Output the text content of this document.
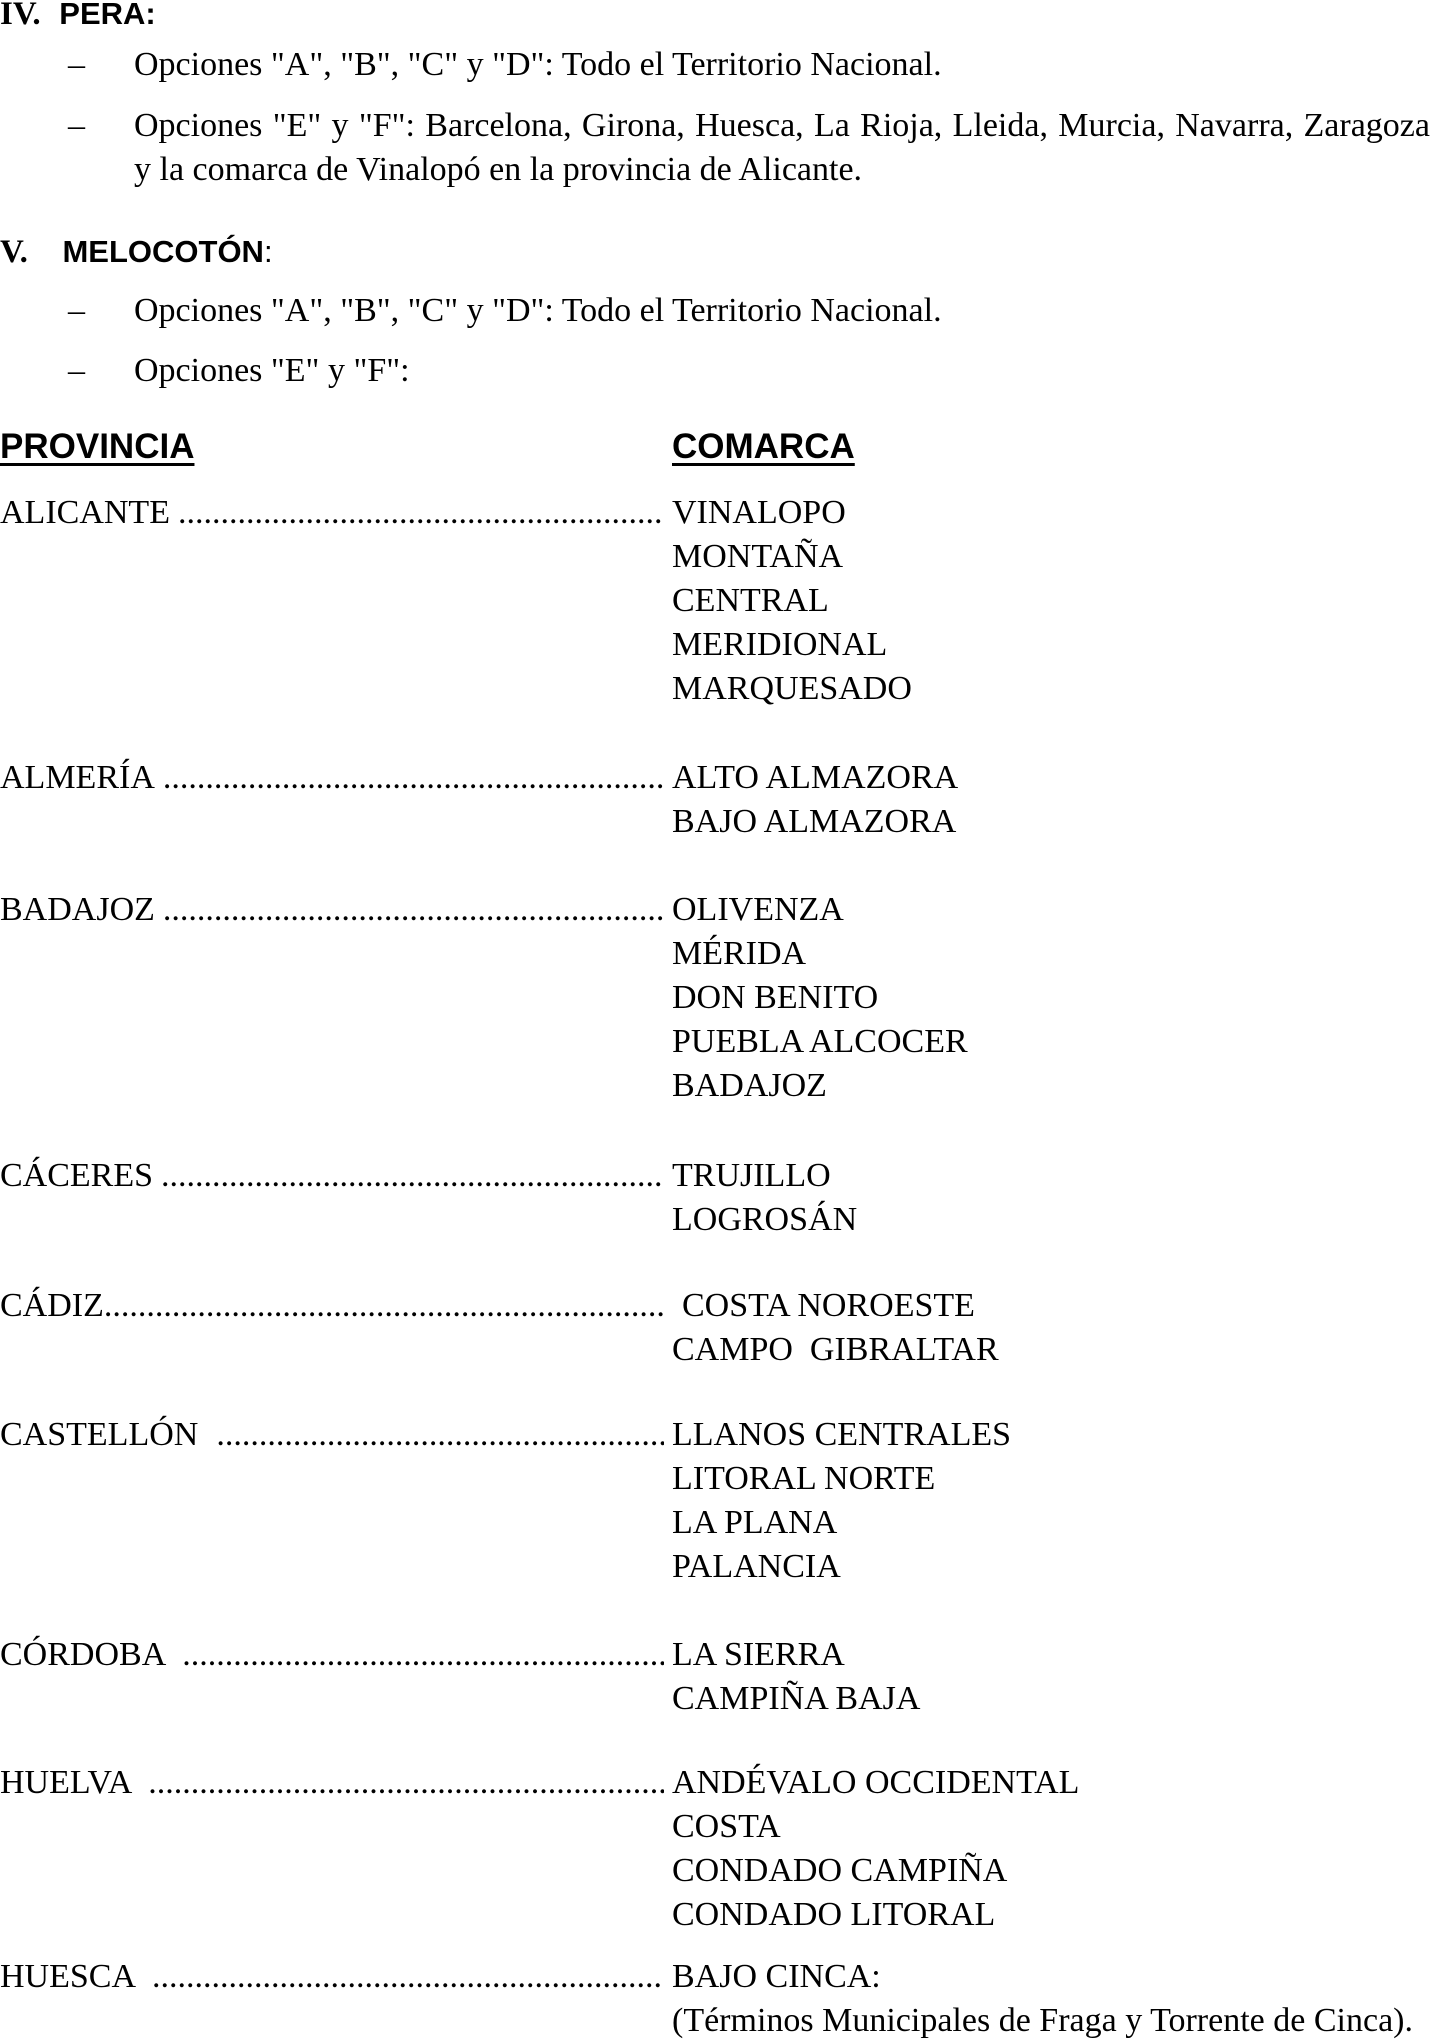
IV. PERA:
– Opciones "A", "B", "C" y "D": Todo el Territorio Nacional.
– Opciones "E" y "F": Barcelona, Girona, Huesca, La Rioja, Lleida, Murcia, Navarra, Zaragoza y la comarca de Vinalopó en la provincia de Alicante.
V. MELOCOTÓN:
– Opciones "A", "B", "C" y "D": Todo el Territorio Nacional.
– Opciones "E" y "F":
PROVINCIA	COMARCA
ALICANTE .....	VINALOPO
MONTAÑA
CENTRAL
MERIDIONAL
MARQUESADO
ALMERÍA .....	ALTO ALMAZORA
BAJO ALMAZORA
BADAJOZ .....	OLIVENZA
MÉRIDA
DON BENITO
PUEBLA ALCOCER
BADAJOZ
CÁCERES .....	TRUJILLO
LOGROSÁN
CÁDIZ .....	COSTA NOROESTE
CAMPO  GIBRALTAR
CASTELLÓN .....	LLANOS CENTRALES
LITORAL NORTE
LA PLANA
PALANCIA
CÓRDOBA .....	LA SIERRA
CAMPIÑA BAJA
HUELVA .....	ANDÉVALO OCCIDENTAL
COSTA
CONDADO CAMPIÑA
CONDADO LITORAL
HUESCA .....	BAJO CINCA:
(Términos Municipales de Fraga y Torrente de Cinca).
